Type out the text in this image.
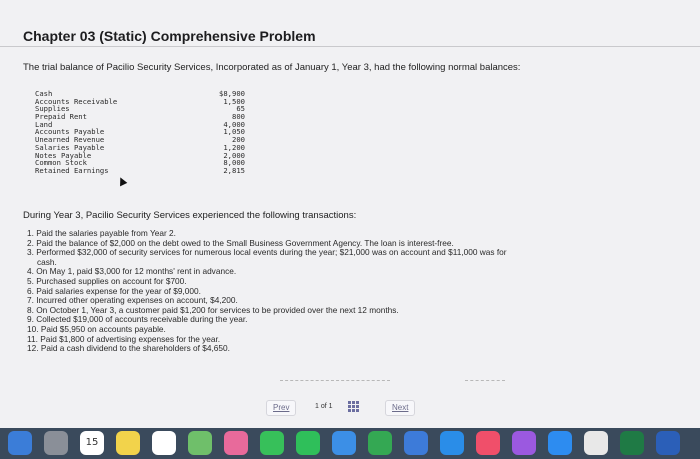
Chapter 03 (Static) Comprehensive Problem
The trial balance of Pacilio Security Services, Incorporated as of January 1, Year 3, had the following normal balances:
Cash	$8,900
Accounts Receivable	1,500
Supplies	65
Prepaid Rent	800
Land	4,000
Accounts Payable	1,050
Unearned Revenue	200
Salaries Payable	1,200
Notes Payable	2,000
Common Stock	8,000
Retained Earnings	2,815
During Year 3, Pacilio Security Services experienced the following transactions:
1. Paid the salaries payable from Year 2.
2. Paid the balance of $2,000 on the debt owed to the Small Business Government Agency. The loan is interest-free.
3. Performed $32,000 of security services for numerous local events during the year; $21,000 was on account and $11,000 was for
cash.
4. On May 1, paid $3,000 for 12 months' rent in advance.
5. Purchased supplies on account for $700.
6. Paid salaries expense for the year of $9,000.
7. Incurred other operating expenses on account, $4,200.
8. On October 1, Year 3, a customer paid $1,200 for services to be provided over the next 12 months.
9. Collected $19,000 of accounts receivable during the year.
10. Paid $5,950 on accounts payable.
11. Paid $1,800 of advertising expenses for the year.
12. Paid a cash dividend to the shareholders of $4,650.
Prev	1 of 1	Next
15
